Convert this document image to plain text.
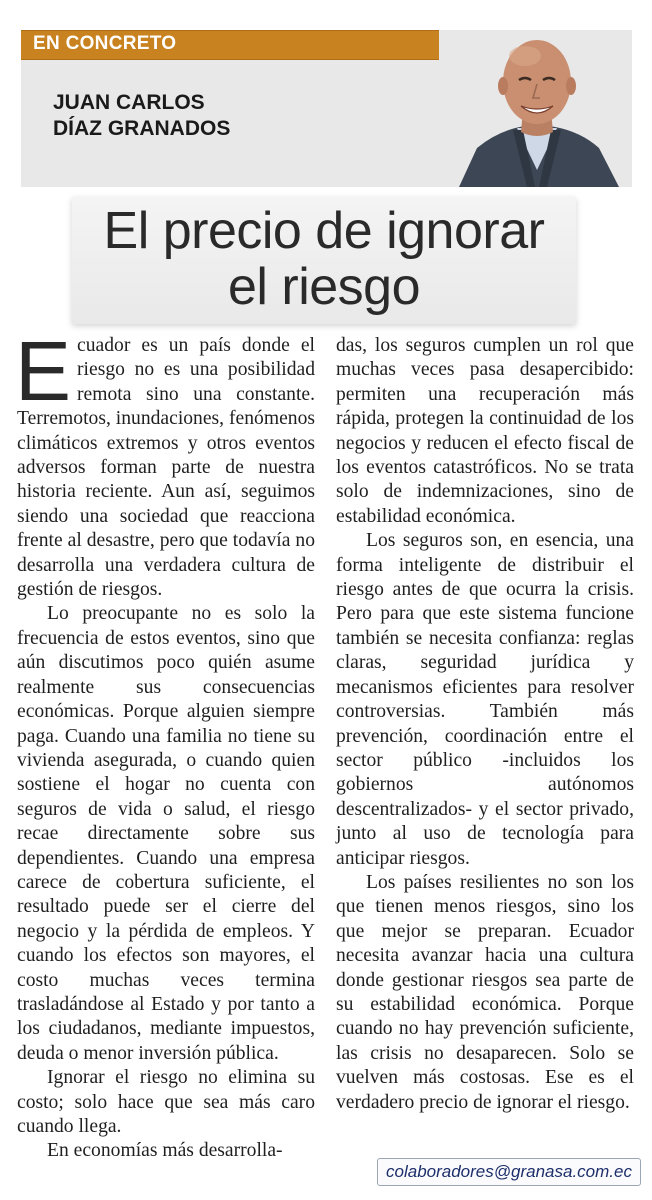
EN CONCRETO
JUAN CARLOS
DÍAZ GRANADOS
El precio de ignorar
el riesgo

Ecuador es un país donde el riesgo no es una posibilidad remota sino una constante. Terremotos, inundaciones, fenómenos climáticos extremos y otros eventos adversos forman parte de nuestra historia reciente. Aun así, seguimos siendo una sociedad que reacciona frente al desastre, pero que todavía no desarrolla una verdadera cultura de gestión de riesgos.

Lo preocupante no es solo la frecuencia de estos eventos, sino que aún discutimos poco quién asume realmente sus consecuencias económicas. Porque alguien siempre paga. Cuando una familia no tiene su vivienda asegurada, o cuando quien sostiene el hogar no cuenta con seguros de vida o salud, el riesgo recae directamente sobre sus dependientes. Cuando una empresa carece de cobertura suficiente, el resultado puede ser el cierre del negocio y la pérdida de empleos. Y cuando los efectos son mayores, el costo muchas veces termina trasladándose al Estado y por tanto a los ciudadanos, mediante impuestos, deuda o menor inversión pública.

Ignorar el riesgo no elimina su costo; solo hace que sea más caro cuando llega.

En economías más desarrolla-

das, los seguros cumplen un rol que muchas veces pasa desapercibido: permiten una recuperación más rápida, protegen la continuidad de los negocios y reducen el efecto fiscal de los eventos catastróficos. No se trata solo de indemnizaciones, sino de estabilidad económica.

Los seguros son, en esencia, una forma inteligente de distribuir el riesgo antes de que ocurra la crisis. Pero para que este sistema funcione también se necesita confianza: reglas claras, seguridad jurídica y mecanismos eficientes para resolver controversias. También más prevención, coordinación entre el sector público -incluidos los gobiernos autónomos descentralizados- y el sector privado, junto al uso de tecnología para anticipar riesgos.

Los países resilientes no son los que tienen menos riesgos, sino los que mejor se preparan. Ecuador necesita avanzar hacia una cultura donde gestionar riesgos sea parte de su estabilidad económica. Porque cuando no hay prevención suficiente, las crisis no desaparecen. Solo se vuelven más costosas. Ese es el verdadero precio de ignorar el riesgo.

colaboradores@granasa.com.ec
